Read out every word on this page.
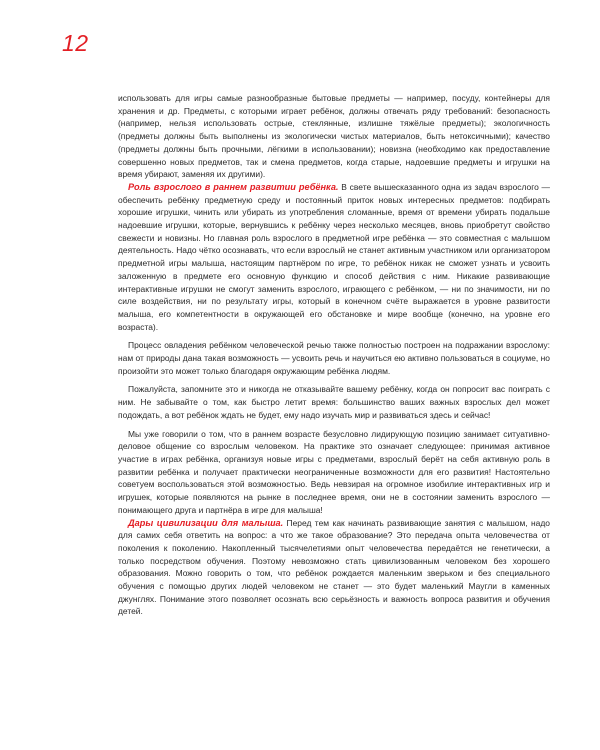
12

использовать для игры самые разнообразные бытовые предметы — например, посуду, контейнеры для хранения и др. Предметы, с которыми играет ребёнок, должны отвечать ряду требований: безопасность (например, нельзя использовать острые, стеклянные, излишне тяжёлые предметы); экологичность (предметы должны быть выполнены из экологически чистых материалов, быть нетоксичными); качество (предметы должны быть прочными, лёгкими в использовании); новизна (необходимо как предоставление совершенно новых предметов, так и смена предметов, когда старые, надоевшие предметы и игрушки на время убирают, заменяя их другими).

Роль взрослого в раннем развитии ребёнка. В свете вышесказанного одна из задач взрослого — обеспечить ребёнку предметную среду и постоянный приток новых интересных предметов: подбирать хорошие игрушки, чинить или убирать из употребления сломанные, время от времени убирать подальше надоевшие игрушки, которые, вернувшись к ребёнку через несколько месяцев, вновь приобретут свойство свежести и новизны. Но главная роль взрослого в предметной игре ребёнка — это совместная с малышом деятельность. Надо чётко осознавать, что если взрослый не станет активным участником или организатором предметной игры малыша, настоящим партнёром по игре, то ребёнок никак не сможет узнать и усвоить заложенную в предмете его основную функцию и способ действия с ним. Никакие развивающие интерактивные игрушки не смогут заменить взрослого, играющего с ребёнком, — ни по значимости, ни по силе воздействия, ни по результату игры, который в конечном счёте выражается в уровне развитости малыша, его компетентности в окружающей его обстановке и мире вообще (конечно, на уровне его возраста).

Процесс овладения ребёнком человеческой речью также полностью построен на подражании взрослому: нам от природы дана такая возможность — усвоить речь и научиться ею активно пользоваться в социуме, но произойти это может только благодаря окружающим ребёнка людям.

Пожалуйста, запомните это и никогда не отказывайте вашему ребёнку, когда он попросит вас поиграть с ним. Не забывайте о том, как быстро летит время: большинство ваших важных взрослых дел может подождать, а вот ребёнок ждать не будет, ему надо изучать мир и развиваться здесь и сейчас!

Мы уже говорили о том, что в раннем возрасте безусловно лидирующую позицию занимает ситуативно-деловое общение со взрослым человеком. На практике это означает следующее: принимая активное участие в играх ребёнка, организуя новые игры с предметами, взрослый берёт на себя активную роль в развитии ребёнка и получает практически неограниченные возможности для его развития! Настоятельно советуем воспользоваться этой возможностью. Ведь невзирая на огромное изобилие интерактивных игр и игрушек, которые появляются на рынке в последнее время, они не в состоянии заменить взрослого — понимающего друга и партнёра в игре для малыша!

Дары цивилизации для малыша. Перед тем как начинать развивающие занятия с малышом, надо для самих себя ответить на вопрос: а что же такое образование? Это передача опыта человечества от поколения к поколению. Накопленный тысячелетиями опыт человечества передаётся не генетически, а только посредством обучения. Поэтому невозможно стать цивилизованным человеком без хорошего образования. Можно говорить о том, что ребёнок рождается маленьким зверьком и без специального обучения с помощью других людей человеком не станет — это будет маленький Маугли в каменных джунглях. Понимание этого позволяет осознать всю серьёзность и важность вопроса развития и обучения детей.
